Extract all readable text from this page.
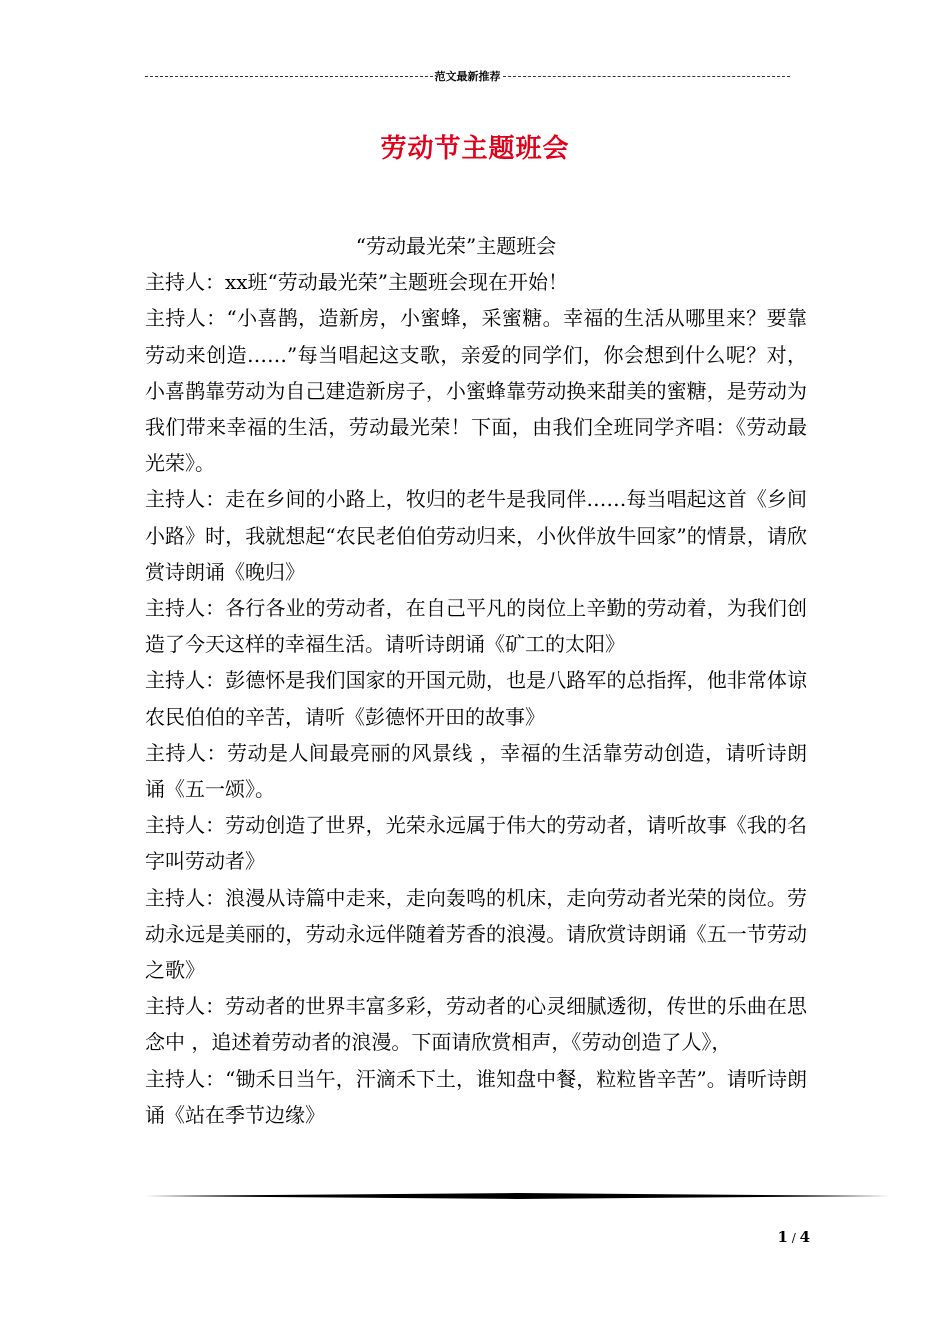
范文最新推荐
劳动节主题班会

“劳动最光荣”主题班会

主持人：xx班“劳动最光荣”主题班会现在开始！

主持人：“小喜鹊，造新房，小蜜蜂，采蜜糖。幸福的生活从哪里来？要靠劳动来创造……”每当唱起这支歌，亲爱的同学们，你会想到什么呢？对，小喜鹊靠劳动为自己建造新房子，小蜜蜂靠劳动换来甜美的蜜糖，是劳动为我们带来幸福的生活，劳动最光荣！下面，由我们全班同学齐唱：《劳动最光荣》。

主持人：走在乡间的小路上，牧归的老牛是我同伴……每当唱起这首《乡间小路》时，我就想起“农民老伯伯劳动归来，小伙伴放牛回家”的情景，请欣赏诗朗诵《晚归》

主持人：各行各业的劳动者，在自己平凡的岗位上辛勤的劳动着，为我们创造了今天这样的幸福生活。请听诗朗诵《矿工的太阳》

主持人：彭德怀是我们国家的开国元勋，也是八路军的总指挥，他非常体谅农民伯伯的辛苦，请听《彭德怀开田的故事》

主持人：劳动是人间最亮丽的风景线 ，幸福的生活靠劳动创造，请听诗朗诵《五一颂》。

主持人：劳动创造了世界，光荣永远属于伟大的劳动者，请听故事《我的名字叫劳动者》

主持人：浪漫从诗篇中走来，走向轰鸣的机床，走向劳动者光荣的岗位。劳动永远是美丽的，劳动永远伴随着芳香的浪漫。请欣赏诗朗诵《五一节劳动之歌》

主持人：劳动者的世界丰富多彩，劳动者的心灵细腻透彻，传世的乐曲在思念中 ，追述着劳动者的浪漫。下面请欣赏相声，《劳动创造了人》，

主持人：“锄禾日当午，汗滴禾下土，谁知盘中餐，粒粒皆辛苦”。请听诗朗诵《站在季节边缘》

1 / 4
